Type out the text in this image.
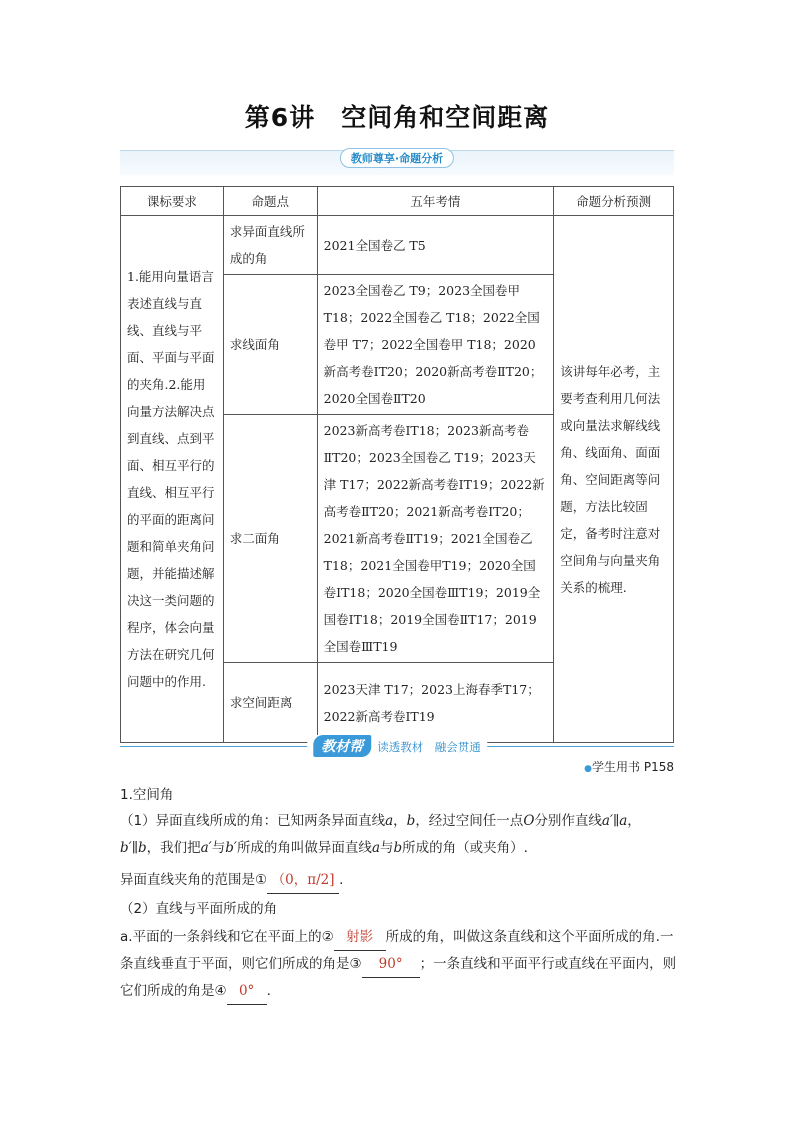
第6讲　空间角和空间距离
教师尊享·命题分析
课标要求	命题点	五年考情	命题分析预测
1.能用向量语言表述直线与直线、直线与平面、平面与平面的夹角.2.能用向量方法解决点到直线、点到平面、相互平行的直线、相互平行的平面的距离问题和简单夹角问题，并能描述解决这一类问题的程序，体会向量方法在研究几何问题中的作用.	求异面直线所成的角	2021全国卷乙 T5	该讲每年必考，主要考查利用几何法或向量法求解线线角、线面角、面面角、空间距离等问题，方法比较固定，备考时注意对空间角与向量夹角关系的梳理.
	求线面角	2023全国卷乙 T9；2023全国卷甲T18；2022全国卷乙 T18；2022全国卷甲 T7；2022全国卷甲 T18；2020新高考卷ⅠT20；2020新高考卷ⅡT20；2020全国卷ⅡT20	
	求二面角	2023新高考卷ⅠT18；2023新高考卷ⅡT20；2023全国卷乙 T19；2023天津 T17；2022新高考卷ⅠT19；2022新高考卷ⅡT20；2021新高考卷ⅠT20；2021新高考卷ⅡT19；2021全国卷乙 T18；2021全国卷甲T19；2020全国卷ⅠT18；2020全国卷ⅢT19；2019全国卷ⅠT18；2019全国卷ⅡT17；2019全国卷ⅢT19	
	求空间距离	2023天津 T17；2023上海春季T17；2022新高考卷ⅠT19	
教材帮 读透教材　融会贯通
●学生用书 P158
1.空间角
（1）异面直线所成的角：已知两条异面直线a，b，经过空间任一点O分别作直线a′∥a，b′∥b，我们把a′与b′所成的角叫做异面直线a与b所成的角（或夹角）.
异面直线夹角的范围是① （0，π/2] .
（2）直线与平面所成的角
a.平面的一条斜线和它在平面上的② 射影 所成的角，叫做这条直线和这个平面所成的角.一条直线垂直于平面，则它们所成的角是③ 90° ；一条直线和平面平行或直线在平面内，则它们所成的角是④ 0° .
